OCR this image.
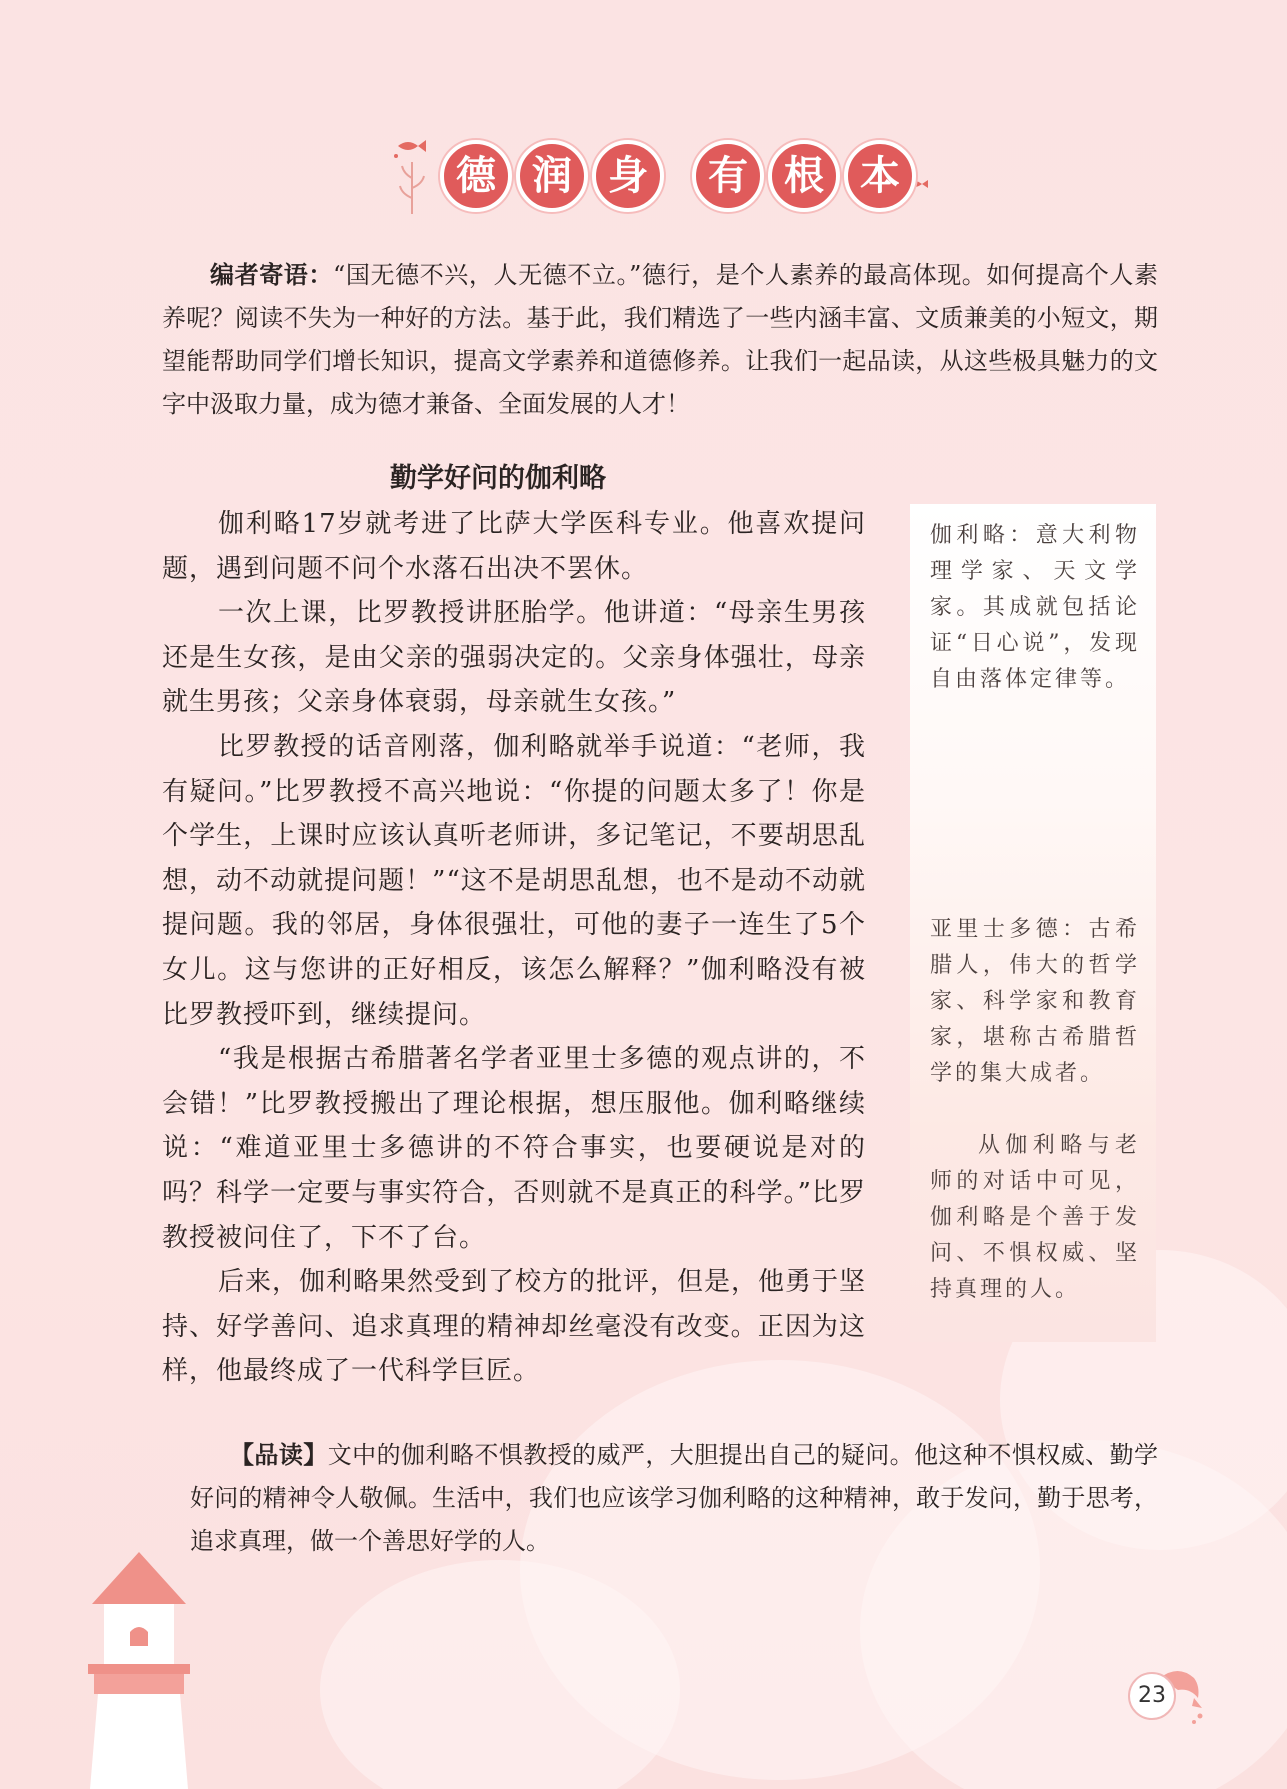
德 润 身	有 根 本

编者寄语：“国无德不兴，人无德不立。”德行，是个人素养的最高体现。如何提高个人素养呢？阅读不失为一种好的方法。基于此，我们精选了一些内涵丰富、文质兼美的小短文，期望能帮助同学们增长知识，提高文学素养和道德修养。让我们一起品读，从这些极具魅力的文字中汲取力量，成为德才兼备、全面发展的人才！

勤学好问的伽利略

伽利略17岁就考进了比萨大学医科专业。他喜欢提问题，遇到问题不问个水落石出决不罢休。

一次上课，比罗教授讲胚胎学。他讲道：“母亲生男孩还是生女孩，是由父亲的强弱决定的。父亲身体强壮，母亲就生男孩；父亲身体衰弱，母亲就生女孩。”

比罗教授的话音刚落，伽利略就举手说道：“老师，我有疑问。”比罗教授不高兴地说：“你提的问题太多了！你是个学生，上课时应该认真听老师讲，多记笔记，不要胡思乱想，动不动就提问题！”“这不是胡思乱想，也不是动不动就提问题。我的邻居，身体很强壮，可他的妻子一连生了5个女儿。这与您讲的正好相反，该怎么解释？”伽利略没有被比罗教授吓到，继续提问。

“我是根据古希腊著名学者亚里士多德的观点讲的，不会错！”比罗教授搬出了理论根据，想压服他。伽利略继续说：“难道亚里士多德讲的不符合事实，也要硬说是对的吗？科学一定要与事实符合，否则就不是真正的科学。”比罗教授被问住了，下不了台。

后来，伽利略果然受到了校方的批评，但是，他勇于坚持、好学善问、追求真理的精神却丝毫没有改变。正因为这样，他最终成了一代科学巨匠。

伽利略：意大利物理学家、天文学家。其成就包括论证“日心说”，发现自由落体定律等。

亚里士多德：古希腊人，伟大的哲学家、科学家和教育家，堪称古希腊哲学的集大成者。

从伽利略与老师的对话中可见，伽利略是个善于发问、不惧权威、坚持真理的人。

【品读】文中的伽利略不惧教授的威严，大胆提出自己的疑问。他这种不惧权威、勤学好问的精神令人敬佩。生活中，我们也应该学习伽利略的这种精神，敢于发问，勤于思考，追求真理，做一个善思好学的人。

23
